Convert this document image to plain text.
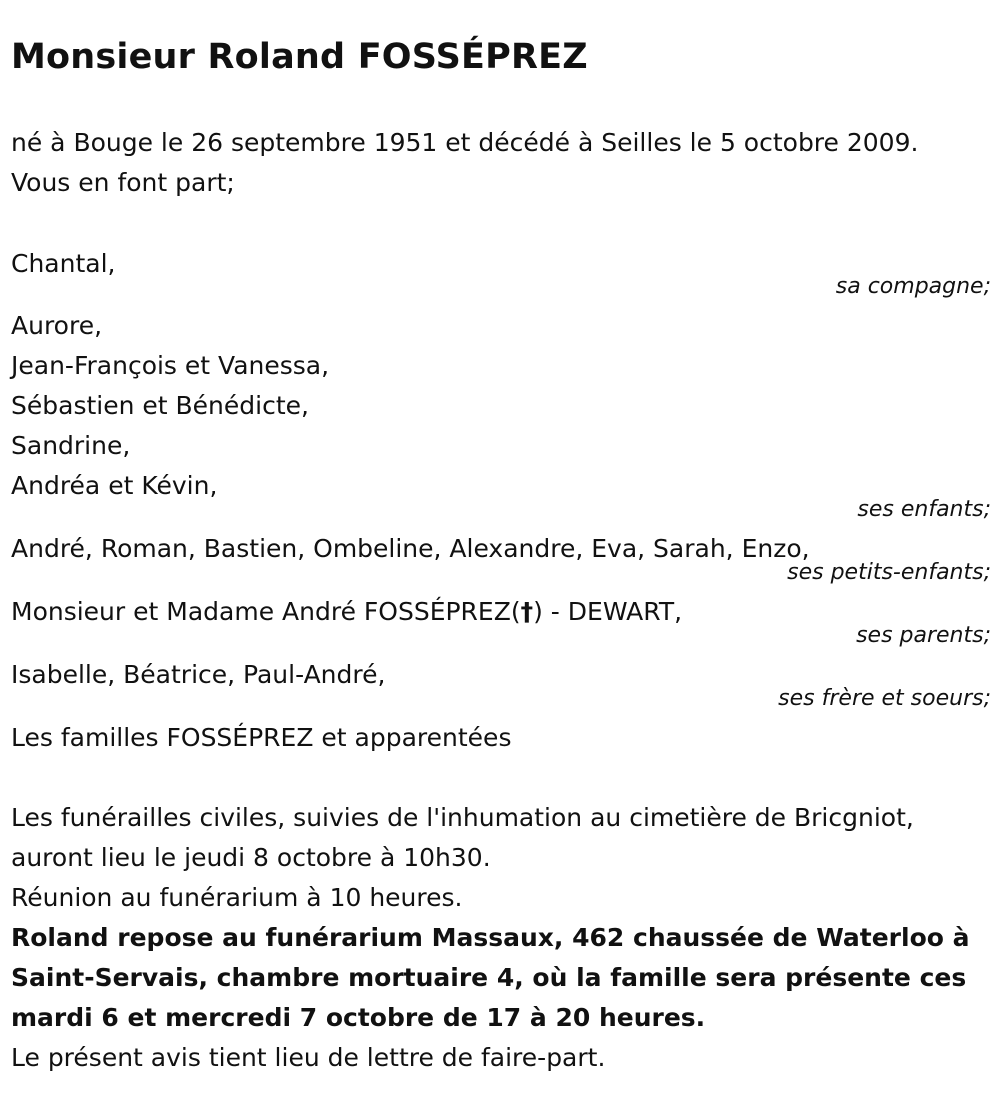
Monsieur Roland FOSSÉPREZ
né à Bouge le 26 septembre 1951 et décédé à Seilles le 5 octobre 2009.
Vous en font part;
Chantal,
sa compagne;
Aurore,
Jean-François et Vanessa,
Sébastien et Bénédicte,
Sandrine,
Andréa et Kévin,
ses enfants;
André, Roman, Bastien, Ombeline, Alexandre, Eva, Sarah, Enzo,
ses petits-enfants;
Monsieur et Madame André FOSSÉPREZ(†) - DEWART,
ses parents;
Isabelle, Béatrice, Paul-André,
ses frère et soeurs;
Les familles FOSSÉPREZ et apparentées
Les funérailles civiles, suivies de l'inhumation au cimetière de Bricgniot,
auront lieu le jeudi 8 octobre à 10h30.
Réunion au funérarium à 10 heures.
Roland repose au funérarium Massaux, 462 chaussée de Waterloo à
Saint-Servais, chambre mortuaire 4, où la famille sera présente ces
mardi 6 et mercredi 7 octobre de 17 à 20 heures.
Le présent avis tient lieu de lettre de faire-part.
